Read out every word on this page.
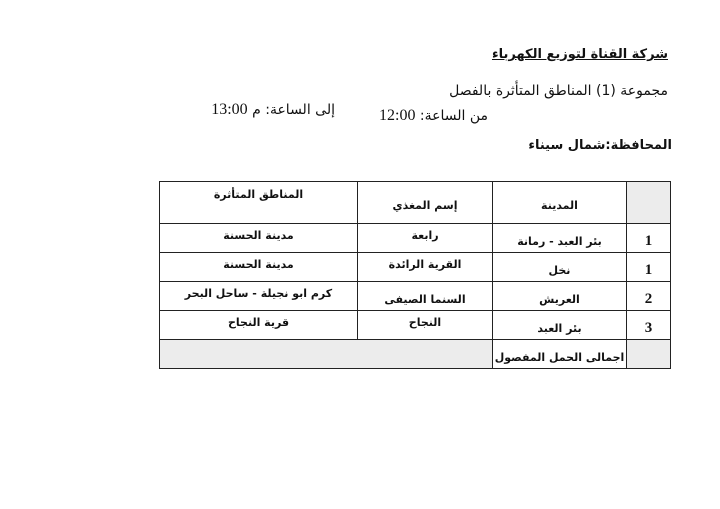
شركة القناة لتوزيع الكهرباء
مجموعة (1) المناطق المتأثرة بالفصل
من الساعة: 12:00
إلى الساعة: م 13:00
المحافظة:شمال سيناء
	المدينة	إسم المغذي	المناطق المتأثرة
1	بئر العبد - رمانة	رابعة	مدينة الحسنة
1	نخل	القرية الرائدة	مدينة الحسنة
2	العريش	السنما الصيفى	كرم ابو نجيلة - ساحل البحر
3	بئر العبد	النجاح	قرية النجاح
	اجمالى الحمل المفصول		
